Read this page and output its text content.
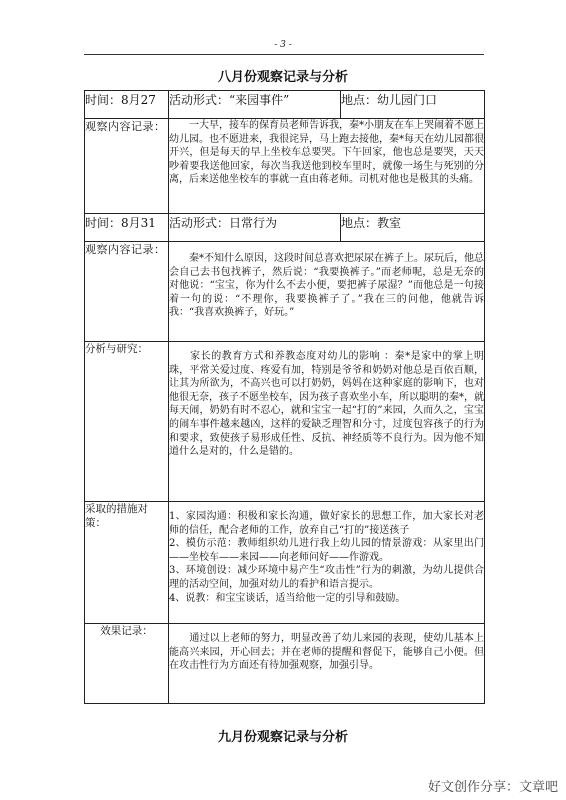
- 3 -
八月份观察记录与分析
时间：8月27	活动形式：“来园事件”	地点：幼儿园门口
观察内容记录：	　　一大早，接车的保育员老师告诉我，秦*小朋友在车上哭闹着不愿上幼儿园。也不愿进来，我很诧异，马上跑去接他，秦*每天在幼儿园都很开兴，但是每天的早上坐校车总要哭。下午回家，他也总是要哭，天天吵着要我送他回家，每次当我送他到校车里时，就像一场生与死别的分离，后来送他坐校车的事就一直由蒋老师。司机对他也是极其的头痛。	
时间：8月31	活动形式：日常行为	地点：教室
观察内容记录：	　　秦*不知什么原因，这段时间总喜欢把尿尿在裤子上。尿玩后，他总会自己去书包找裤子，然后说：“我要换裤子。”而老师呢，总是无奈的对他说：“宝宝，你为什么不去小便，要把裤子尿湿？”而他总是一句接着一句的说：“不理你，我要换裤子了。”我在三的问他，他就告诉我：“我喜欢换裤子，好玩。”	
分析与研究：	　　家长的教育方式和养教态度对幼儿的影响 ：秦*是家中的掌上明珠，平常关爱过度、疼爱有加，特别是爷爷和奶奶对他总是百依百顺，让其为所欲为，不高兴也可以打奶奶，妈妈在这种家庭的影响下，也对他很无奈，孩子不愿坐校车，因为孩子喜欢坐小车，所以聪明的秦*，就每天闹，奶奶有时不忍心，就和宝宝一起“打的”来园，久而久之，宝宝的闹车事件越来越凶，这样的爱缺乏理智和分寸，过度包容孩子的行为和要求，致使孩子易形成任性、反抗、神经质等不良行为。因为他不知道什么是对的，什么是错的。	
采取的措施对策：	1、家园沟通：积极和家长沟通，做好家长的思想工作，加大家长对老师的信任，配合老师的工作，放弃自己“打的”接送孩子
2、模仿示范：教师组织幼儿进行我上幼儿园的情景游戏：从家里出门——坐校车——来园——向老师问好——作游戏。
3、环境创设：减少环境中易产生“攻击性”行为的刺激，为幼儿提供合理的活动空间，加强对幼儿的看护和语言提示。
4、说教：和宝宝谈话，适当给他一定的引导和鼓励。	
效果记录：	　　通过以上老师的努力，明显改善了幼儿来园的表现，使幼儿基本上能高兴来园，开心回去；并在老师的提醒和督促下，能够自己小便。但在攻击性行为方面还有待加强观察，加强引导。	
九月份观察记录与分析
好文创作分享：文章吧
